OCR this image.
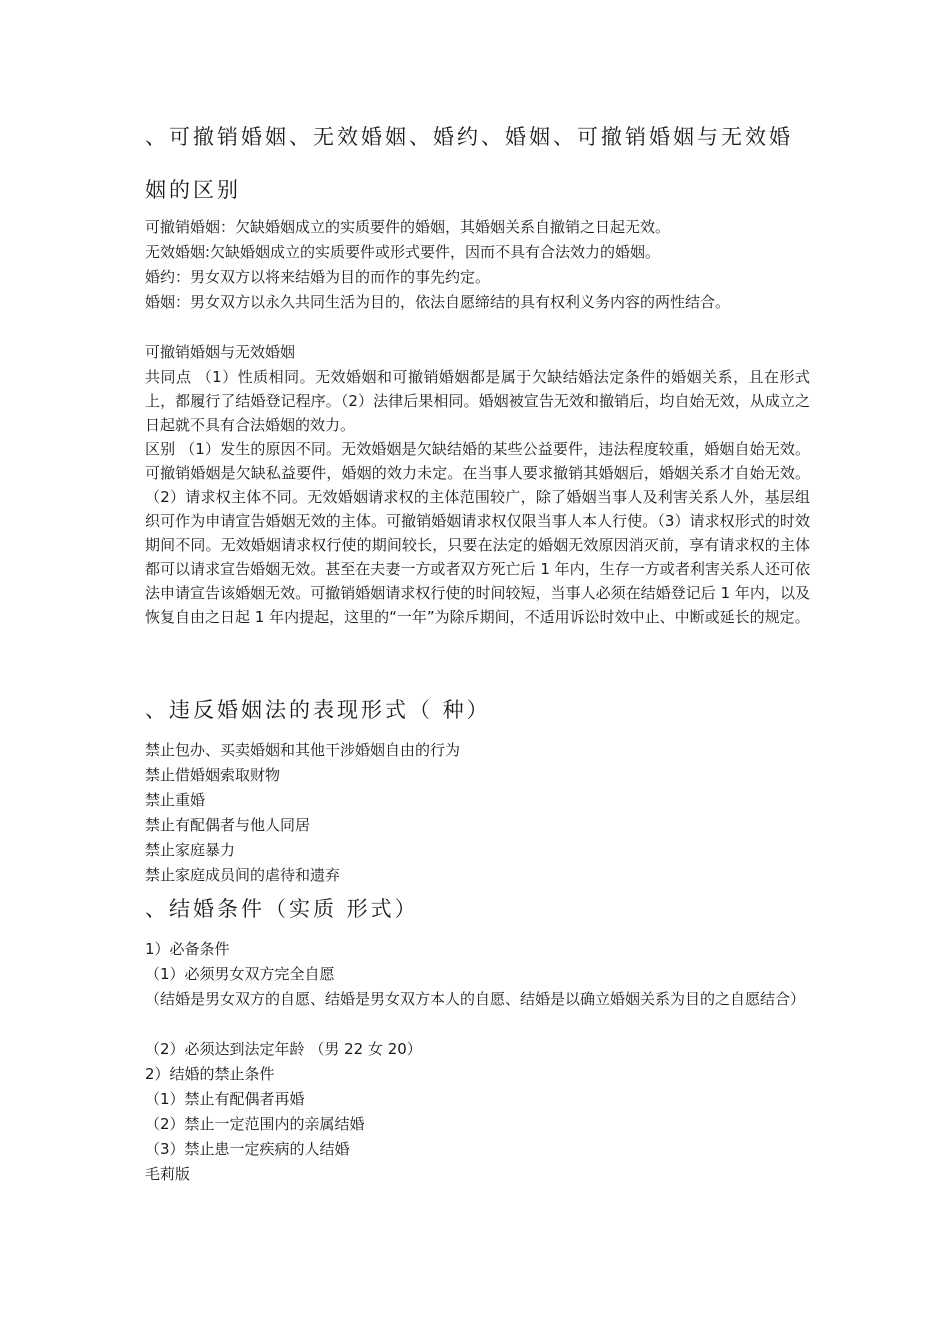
、可撤销婚姻、无效婚姻、婚约、婚姻、可撤销婚姻与无效婚
姻的区别

可撤销婚姻：欠缺婚姻成立的实质要件的婚姻，其婚姻关系自撤销之日起无效。

无效婚姻:欠缺婚姻成立的实质要件或形式要件，因而不具有合法效力的婚姻。

婚约：男女双方以将来结婚为目的而作的事先约定。

婚姻：男女双方以永久共同生活为目的，依法自愿缔结的具有权利义务内容的两性结合。

可撤销婚姻与无效婚姻

共同点 （1）性质相同。无效婚姻和可撤销婚姻都是属于欠缺结婚法定条件的婚姻关系，且在形式上，都履行了结婚登记程序。（2）法律后果相同。婚姻被宣告无效和撤销后，均自始无效，从成立之日起就不具有合法婚姻的效力。

区别 （1）发生的原因不同。无效婚姻是欠缺结婚的某些公益要件，违法程度较重，婚姻自始无效。可撤销婚姻是欠缺私益要件，婚姻的效力未定。在当事人要求撤销其婚姻后，婚姻关系才自始无效。（2）请求权主体不同。无效婚姻请求权的主体范围较广，除了婚姻当事人及利害关系人外，基层组织可作为申请宣告婚姻无效的主体。可撤销婚姻请求权仅限当事人本人行使。（3）请求权形式的时效期间不同。无效婚姻请求权行使的期间较长，只要在法定的婚姻无效原因消灭前，享有请求权的主体都可以请求宣告婚姻无效。甚至在夫妻一方或者双方死亡后 1 年内，生存一方或者利害关系人还可依法申请宣告该婚姻无效。可撤销婚姻请求权行使的时间较短，当事人必须在结婚登记后 1 年内，以及恢复自由之日起 1 年内提起，这里的“一年”为除斥期间，不适用诉讼时效中止、中断或延长的规定。

、违反婚姻法的表现形式（ 种）

禁止包办、买卖婚姻和其他干涉婚姻自由的行为

禁止借婚姻索取财物

禁止重婚

禁止有配偶者与他人同居

禁止家庭暴力

禁止家庭成员间的虐待和遗弃

、结婚条件（实质 形式）

1）必备条件

（1）必须男女双方完全自愿

（结婚是男女双方的自愿、结婚是男女双方本人的自愿、结婚是以确立婚姻关系为目的之自愿结合）

（2）必须达到法定年龄 （男 22 女 20）

2）结婚的禁止条件

（1）禁止有配偶者再婚

（2）禁止一定范围内的亲属结婚

（3）禁止患一定疾病的人结婚

毛莉版
